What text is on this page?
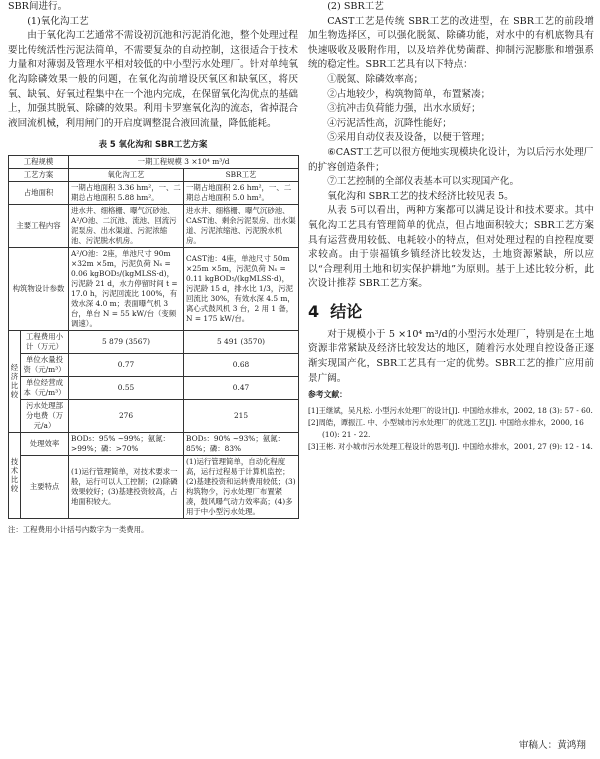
SBR间进行。

(1)氧化沟工艺

由于氧化沟工艺通常不需设初沉池和污泥消化池，整个处理过程要比传统活性污泥法简单，不需要复杂的自动控制，这很适合于技术力量和对薄弱及管理水平相对较低的中小型污水处理厂。针对单纯氧化沟除磷效果一般的问题，在氧化沟前增设厌氧区和缺氧区，将厌氧、缺氧、好氧过程集中在一个池内完成，在保留氧化沟优点的基础上，加强其脱氧、除磷的效果。利用卡罗塞氧化沟的流态，省掉混合液回流机械，利用闸门的开启度调整混合液回流量，降低能耗。

表 5 氧化沟和 SBR工艺方案

工程规模		一期工程规模 3 ×10⁴ m³/d	
工艺方案		氧化沟工艺	SBR工艺
占地面积		一期占地面积 3.36 hm²，一、二期总占地面积 5.88 hm²。	一期占地面积 2.6 hm²，一、二期总占地面积 5.0 hm²。
主要工程内容		进水井、细格栅、曝气沉砂池、A²/O池、二沉池、流池、回流污泥泵房、出水渠道、污泥浓缩池、污泥脱水机房。	进水井、细格栅、曝气沉砂池、CAST池、剩余污泥泵房、出水渠道、污泥浓缩池、污泥脱水机房。
构筑物设计参数		A²/O池：2座，单池尺寸 90m ×32m ×5m，污泥负荷 Nₛ = 0.06 kgBOD₅/(kgMLSS·d)，污泥龄 21 d，水力停留时间 t = 17.0 h，污泥回流比 100%，有效水深 4.0 m；表面曝气机 3 台，单台 N = 55 kW/台（变频调速）。	CAST池：4座，单池尺寸 50m ×25m ×5m，污泥负荷 Nₛ = 0.11 kgBOD₅/(kgMLSS·d)，污泥龄 15 d，排水比 1/3，污泥回流比 30%，有效水深 4.5 m，离心式鼓风机 3 台，2 用 1 备，N = 175 kW/台。
经济比较	工程费用小计（万元）	5 879 (3567)	5 491 (3570)
	单位水量投资（元/m³）	0.77	0.68
	单位经营成本（元/m³）	0.55	0.47
	污水处理部分电费（万元/a）	276	215
技术比较	处理效率	BOD₅：95% ~99%；氨氮：>99%；磷：>70%	BOD₅：90% ~93%；氨氮：85%；磷：83%
	主要特点	(1)运行管理简单，对技术要求一般，运行可以人工控制；(2)除磷效果较好；(3)基建投资较高，占地面积较大。	(1)运行管理简单，自动化程度高，运行过程易于计算机监控；(2)基建投资和运转费用较低；(3)构筑物少，污水处理厂布置紧凑，鼓风曝气动力效率高；(4)多用于中小型污水处理。

注：工程费用小计括号内数字为一类费用。

(2) SBR工艺

CAST工艺是传统 SBR工艺的改进型，在 SBR工艺的前段增加生物选择区，可以强化脱氮、除磷功能，对水中的有机底物具有快速吸收及吸附作用，以及培养优势菌群、抑制污泥膨胀和增强系统的稳定性。SBR工艺具有以下特点：

①脱氮、除磷效率高；

②占地较少，构筑物简单，布置紧凑；

③抗冲击负荷能力强，出水水质好；

④污泥活性高，沉降性能好；

⑤采用自动仪表及设备，以便于管理；

⑥CAST工艺可以很方便地实现模块化设计，为以后污水处理厂的扩容创造条件；

⑦工艺控制的全部仪表基本可以实现国产化。

氧化沟和 SBR工艺的技术经济比较见表 5。

从表 5可以看出，两种方案都可以满足设计和技术要求。其中氧化沟工艺具有管理简单的优点，但占地面积较大；SBR工艺方案具有运营费用较低、电耗较小的特点，但对处理过程的自控程度要求较高。由于崇福镇乡镇经济比较发达，土地资源紧缺，所以应以“合理利用土地和切实保护耕地”为原则。基于上述比较分析，此次设计推荐 SBR工艺方案。

4 结论

对于规模小于 5 ×10⁴ m³/d的小型污水处理厂，特别是在土地资源非常紧缺及经济比较发达的地区，随着污水处理自控设备正逐渐实现国产化，SBR工艺具有一定的优势。SBR工艺的推广应用前景广阔。

参考文献：

[1]王继斌，吴凡松. 小型污水处理厂的设计[J]. 中国给水排水，2002, 18 (3): 57 - 60.

[2]周皓，谭振江. 中、小型城市污水处理厂的优选工艺[J]. 中国给水排水，2000, 16 (10): 21 - 22.

[3]王彬. 对小城市污水处理工程设计的思考[J]. 中国给水排水，2001, 27 (9): 12 - 14.

审稿人：黄鸿翔
